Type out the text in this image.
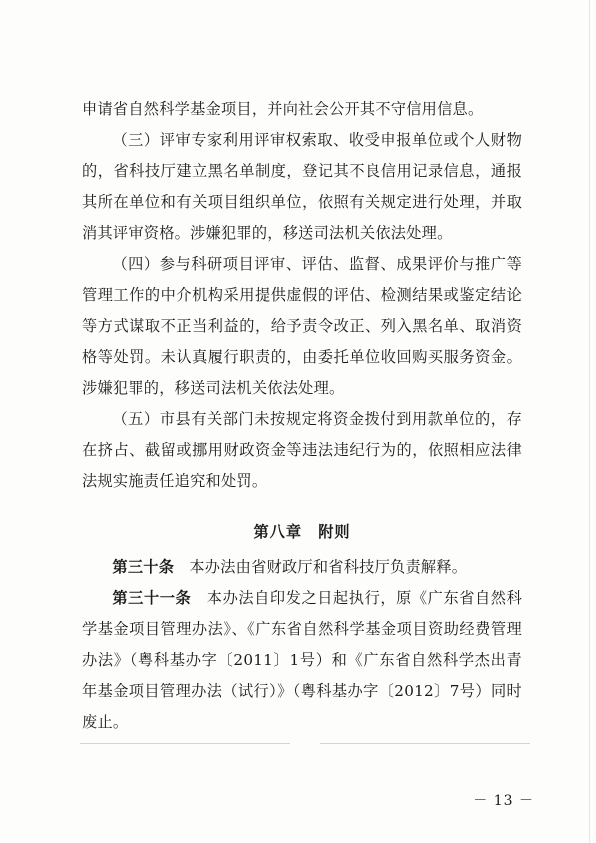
申请省自然科学基金项目，并向社会公开其不守信用信息。

（三）评审专家利用评审权索取、收受申报单位或个人财物的，省科技厅建立黑名单制度，登记其不良信用记录信息，通报其所在单位和有关项目组织单位，依照有关规定进行处理，并取消其评审资格。涉嫌犯罪的，移送司法机关依法处理。

（四）参与科研项目评审、评估、监督、成果评价与推广等管理工作的中介机构采用提供虚假的评估、检测结果或鉴定结论等方式谋取不正当利益的，给予责令改正、列入黑名单、取消资格等处罚。未认真履行职责的，由委托单位收回购买服务资金。涉嫌犯罪的，移送司法机关依法处理。

（五）市县有关部门未按规定将资金拨付到用款单位的，存在挤占、截留或挪用财政资金等违法违纪行为的，依照相应法律法规实施责任追究和处罚。

第八章　附则

第三十条 本办法由省财政厅和省科技厅负责解释。

第三十一条 本办法自印发之日起执行，原《广东省自然科学基金项目管理办法》、《广东省自然科学基金项目资助经费管理办法》（粤科基办字〔2011〕1号）和《广东省自然科学杰出青年基金项目管理办法（试行）》（粤科基办字〔2012〕7号）同时废止。

－ 13 －
